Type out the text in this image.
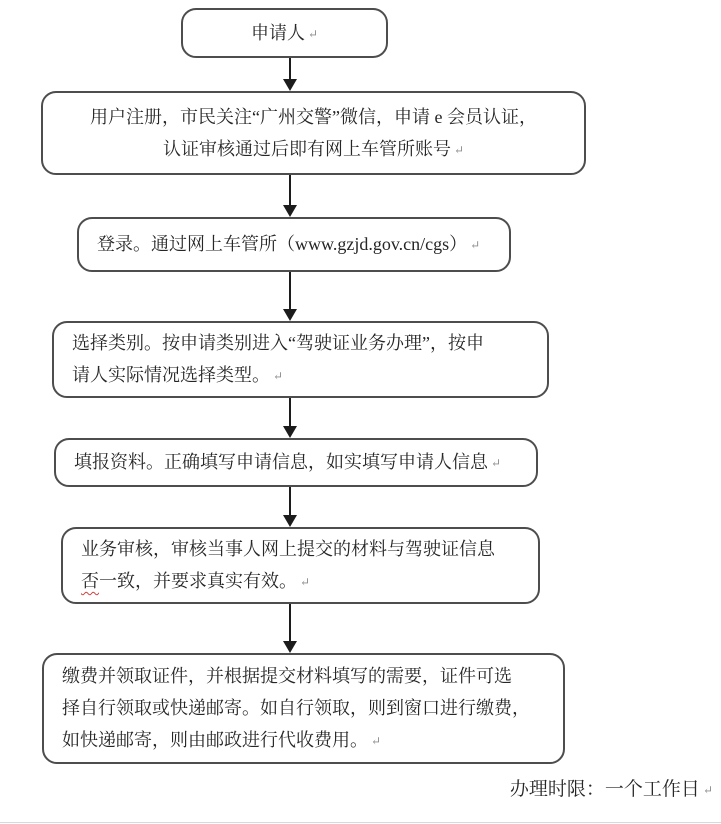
申请人 ↵
用户注册，市民关注“广州交警”微信，申请 e 会员认证，
认证审核通过后即有网上车管所账号 ↵
登录。通过网上车管所（www.gzjd.gov.cn/cgs） ↵
选择类别。按申请类别进入“驾驶证业务办理”，按申
请人实际情况选择类型。 ↵
填报资料。正确填写申请信息，如实填写申请人信息 ↵
业务审核，审核当事人网上提交的材料与驾驶证信息
否一致，并要求真实有效。 ↵
缴费并领取证件，并根据提交材料填写的需要，证件可选
择自行领取或快递邮寄。如自行领取，则到窗口进行缴费，
如快递邮寄，则由邮政进行代收费用。 ↵
办理时限：一个工作日 ↵
